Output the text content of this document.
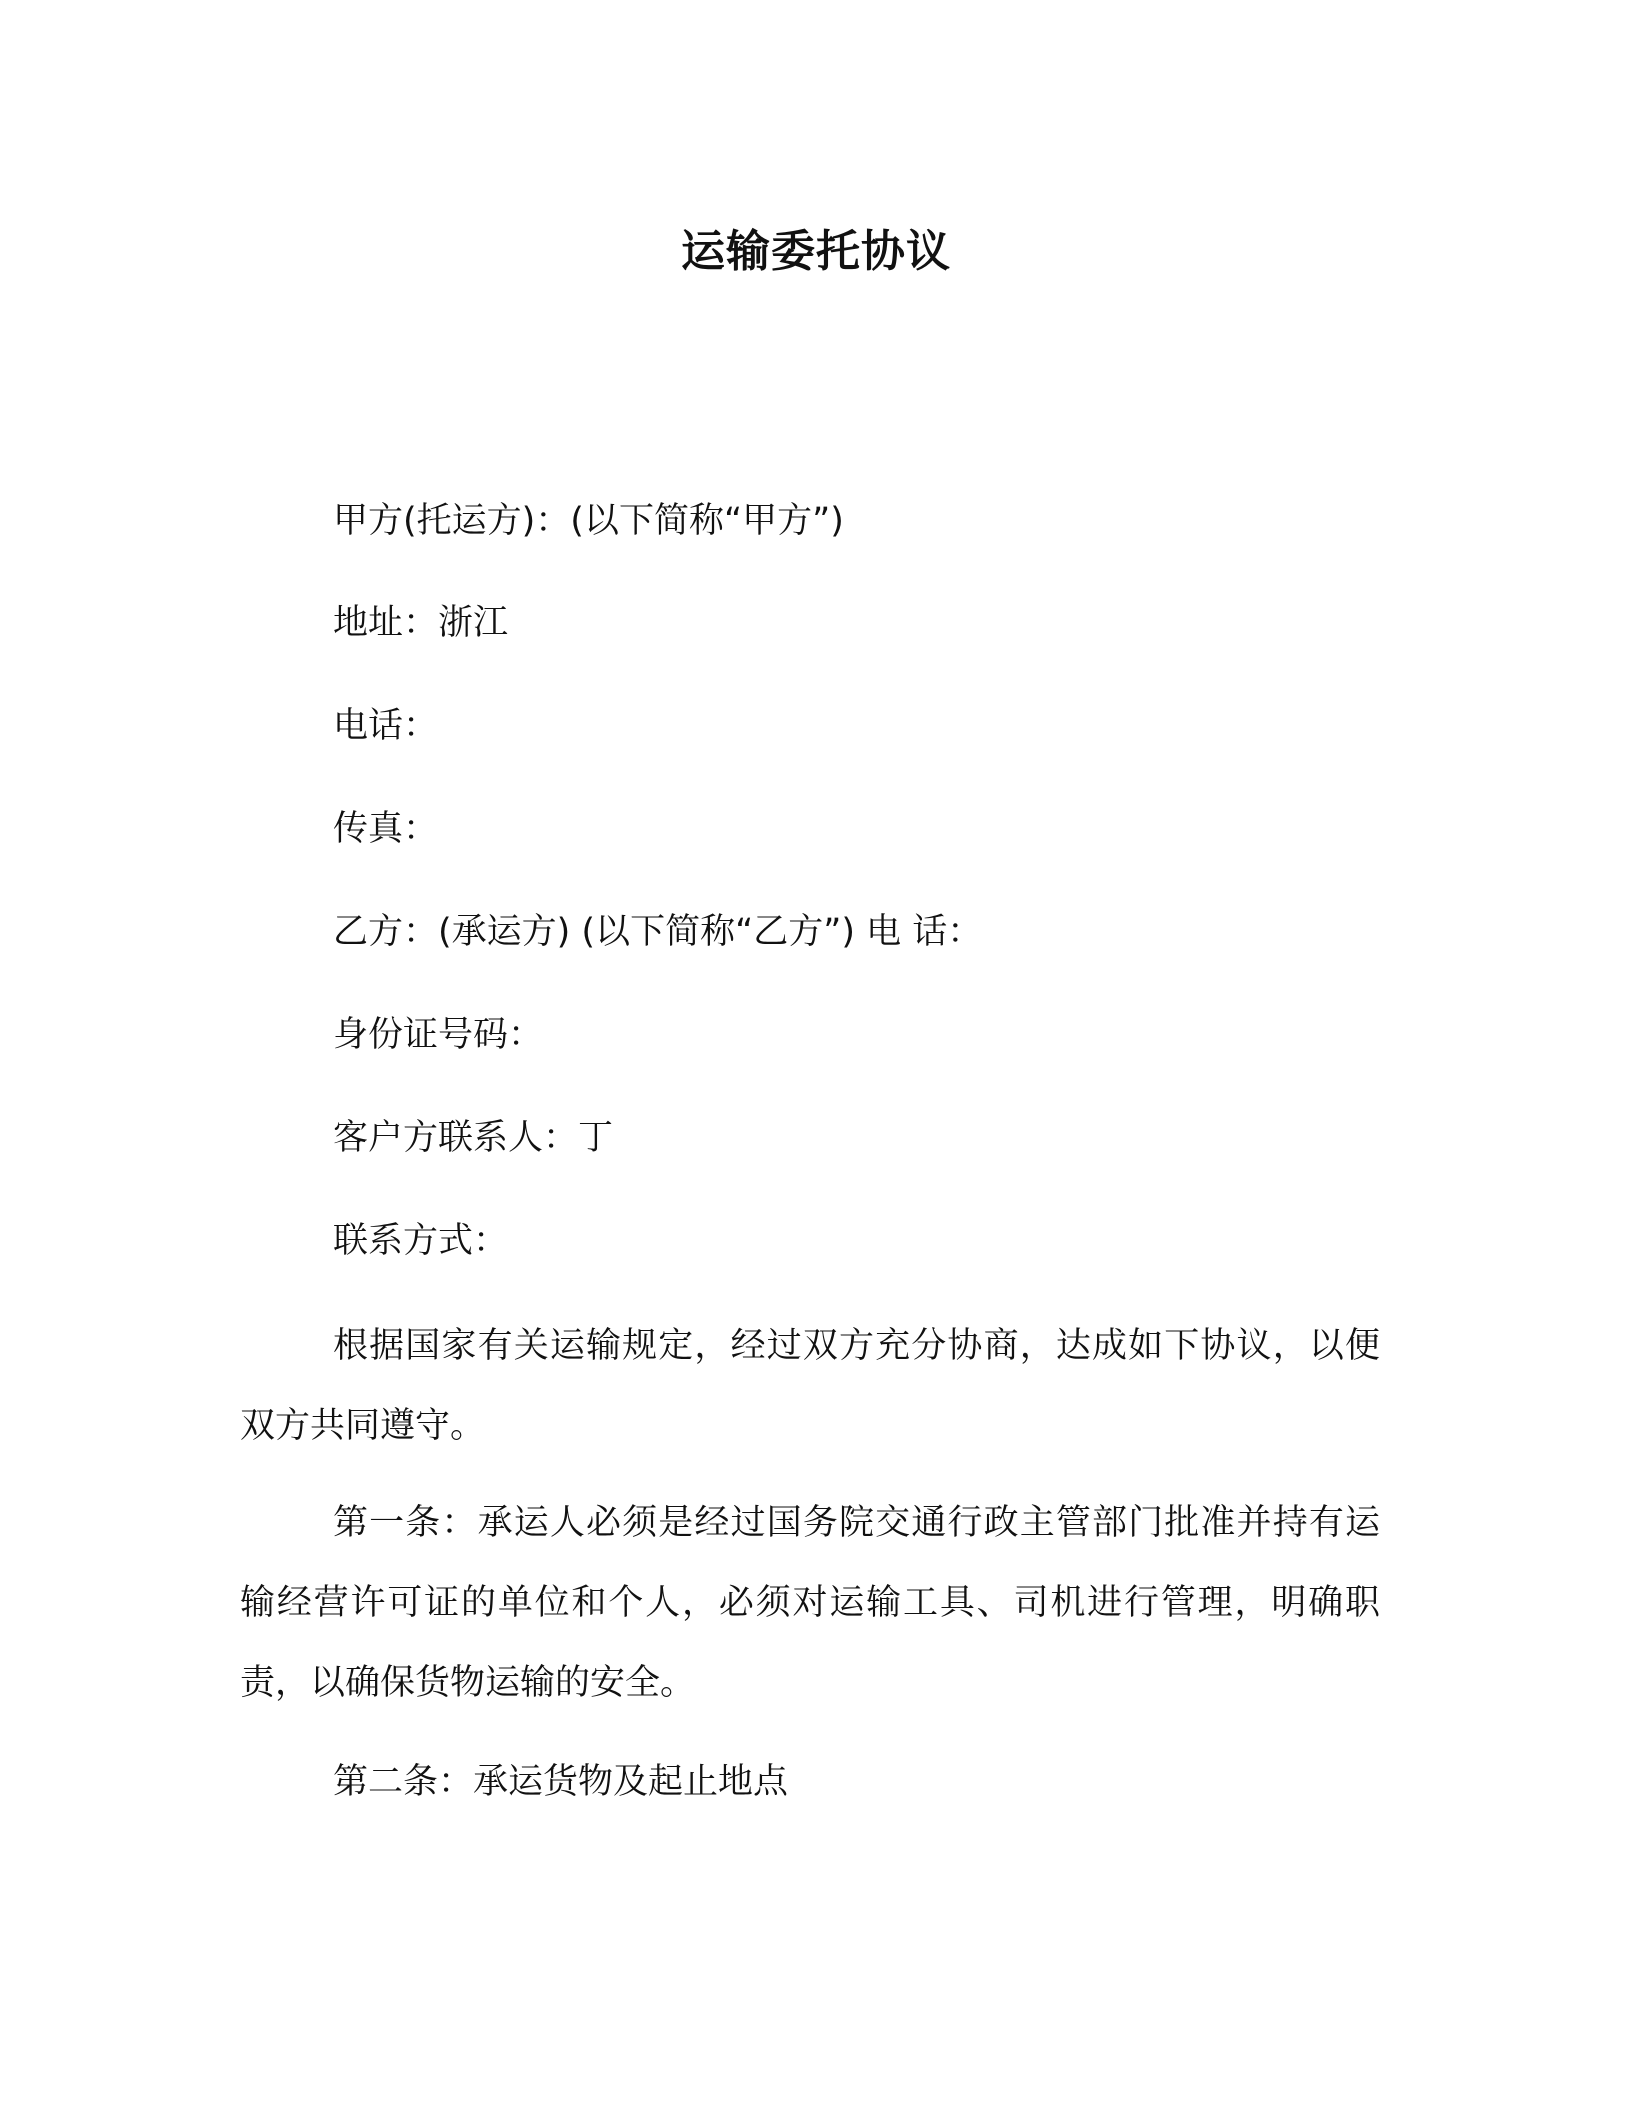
运输委托协议
甲方(托运方)：(以下简称“甲方”)
地址：浙江
电话：
传真：
乙方：(承运方) (以下简称“乙方”) 电 话：
身份证号码：
客户方联系人：丁
联系方式：
根据国家有关运输规定，经过双方充分协商，达成如下协议，以便双方共同遵守。
第一条：承运人必须是经过国务院交通行政主管部门批准并持有运输经营许可证的单位和个人，必须对运输工具、司机进行管理，明确职责，以确保货物运输的安全。
第二条：承运货物及起止地点
